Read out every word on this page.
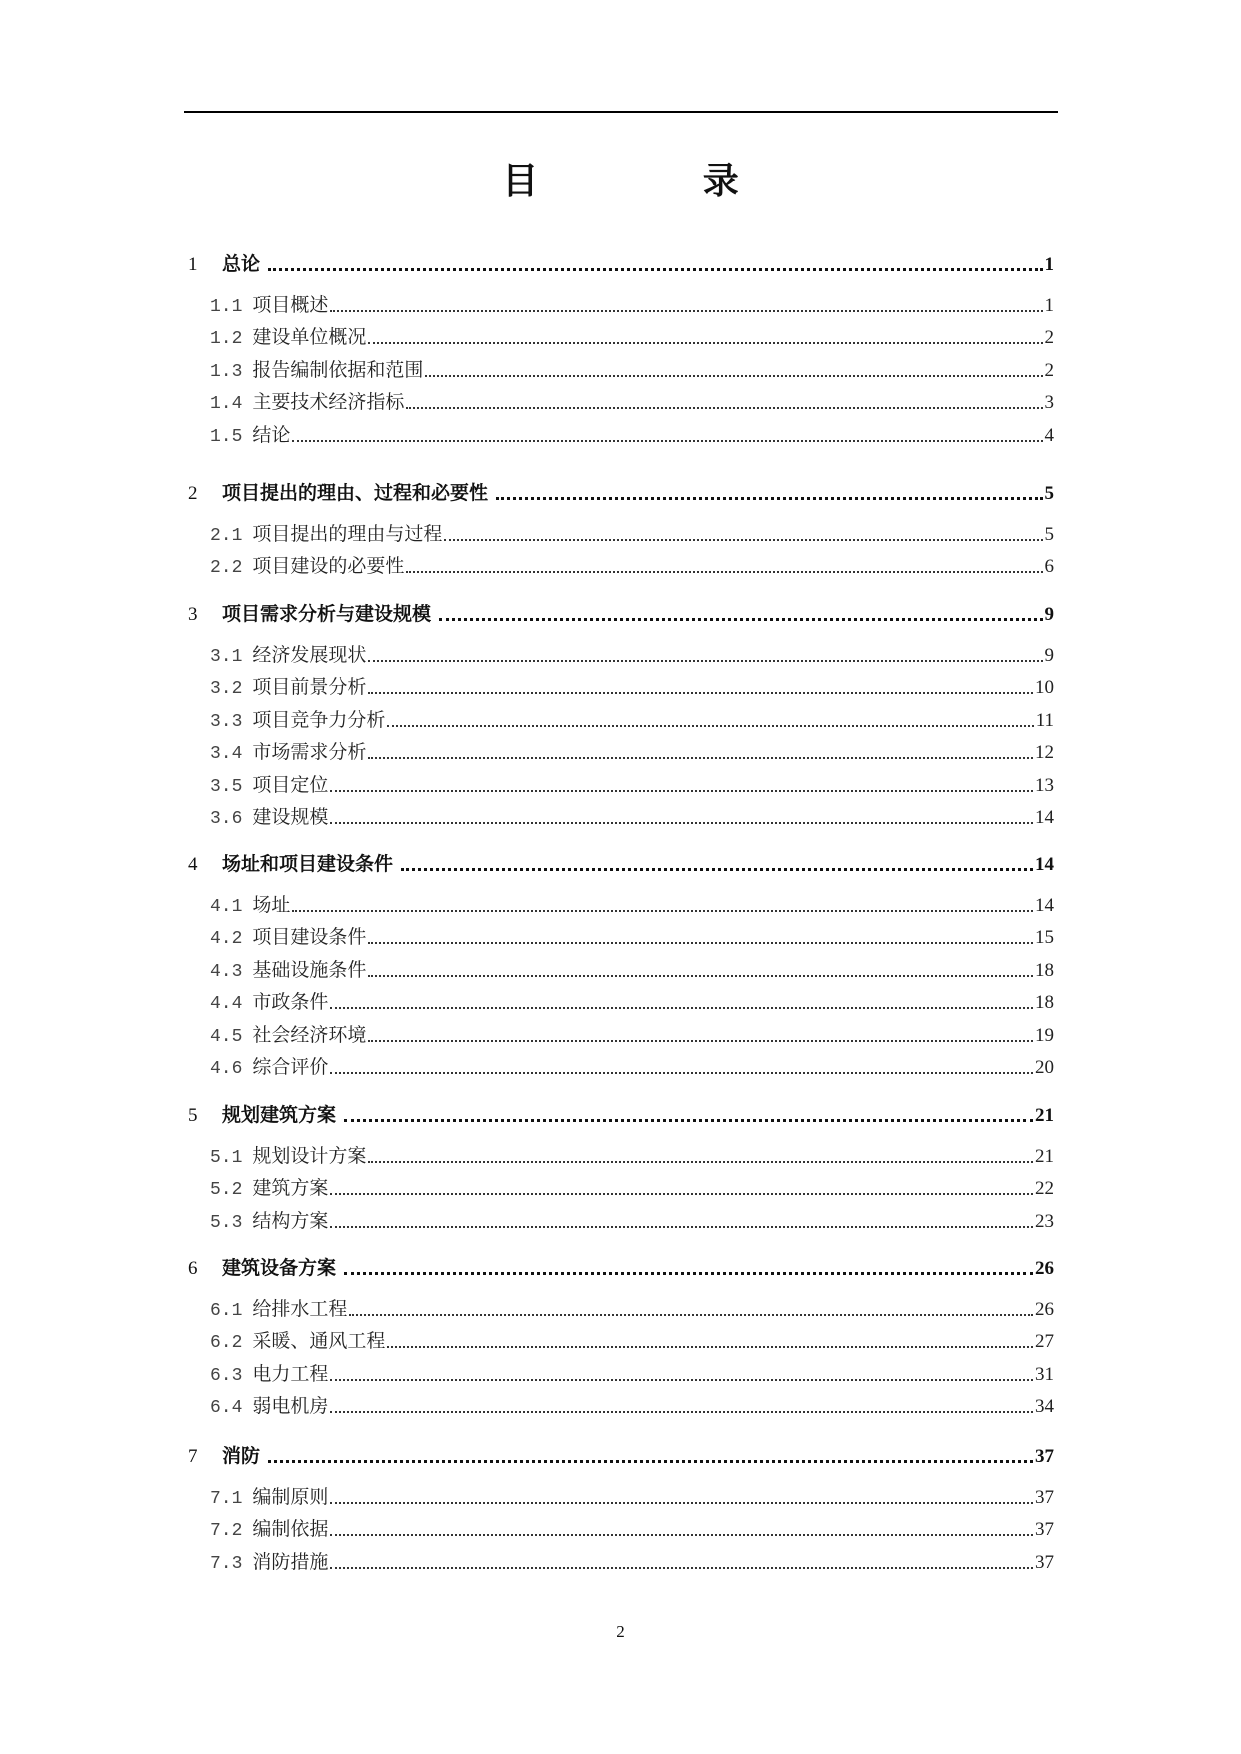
目 录
1	总论	1
1.1 项目概述	1
1.2 建设单位概况	2
1.3 报告编制依据和范围	2
1.4 主要技术经济指标	3
1.5 结论	4
2	项目提出的理由、过程和必要性	5
2.1 项目提出的理由与过程	5
2.2 项目建设的必要性	6
3	项目需求分析与建设规模	9
3.1 经济发展现状	9
3.2 项目前景分析	10
3.3 项目竞争力分析	11
3.4 市场需求分析	12
3.5 项目定位	13
3.6 建设规模	14
4	场址和项目建设条件	14
4.1 场址	14
4.2 项目建设条件	15
4.3 基础设施条件	18
4.4 市政条件	18
4.5 社会经济环境	19
4.6 综合评价	20
5	规划建筑方案	21
5.1 规划设计方案	21
5.2 建筑方案	22
5.3 结构方案	23
6	建筑设备方案	26
6.1 给排水工程	26
6.2 采暖、通风工程	27
6.3 电力工程	31
6.4 弱电机房	34
7	消防	37
7.1 编制原则	37
7.2 编制依据	37
7.3 消防措施	37

2
